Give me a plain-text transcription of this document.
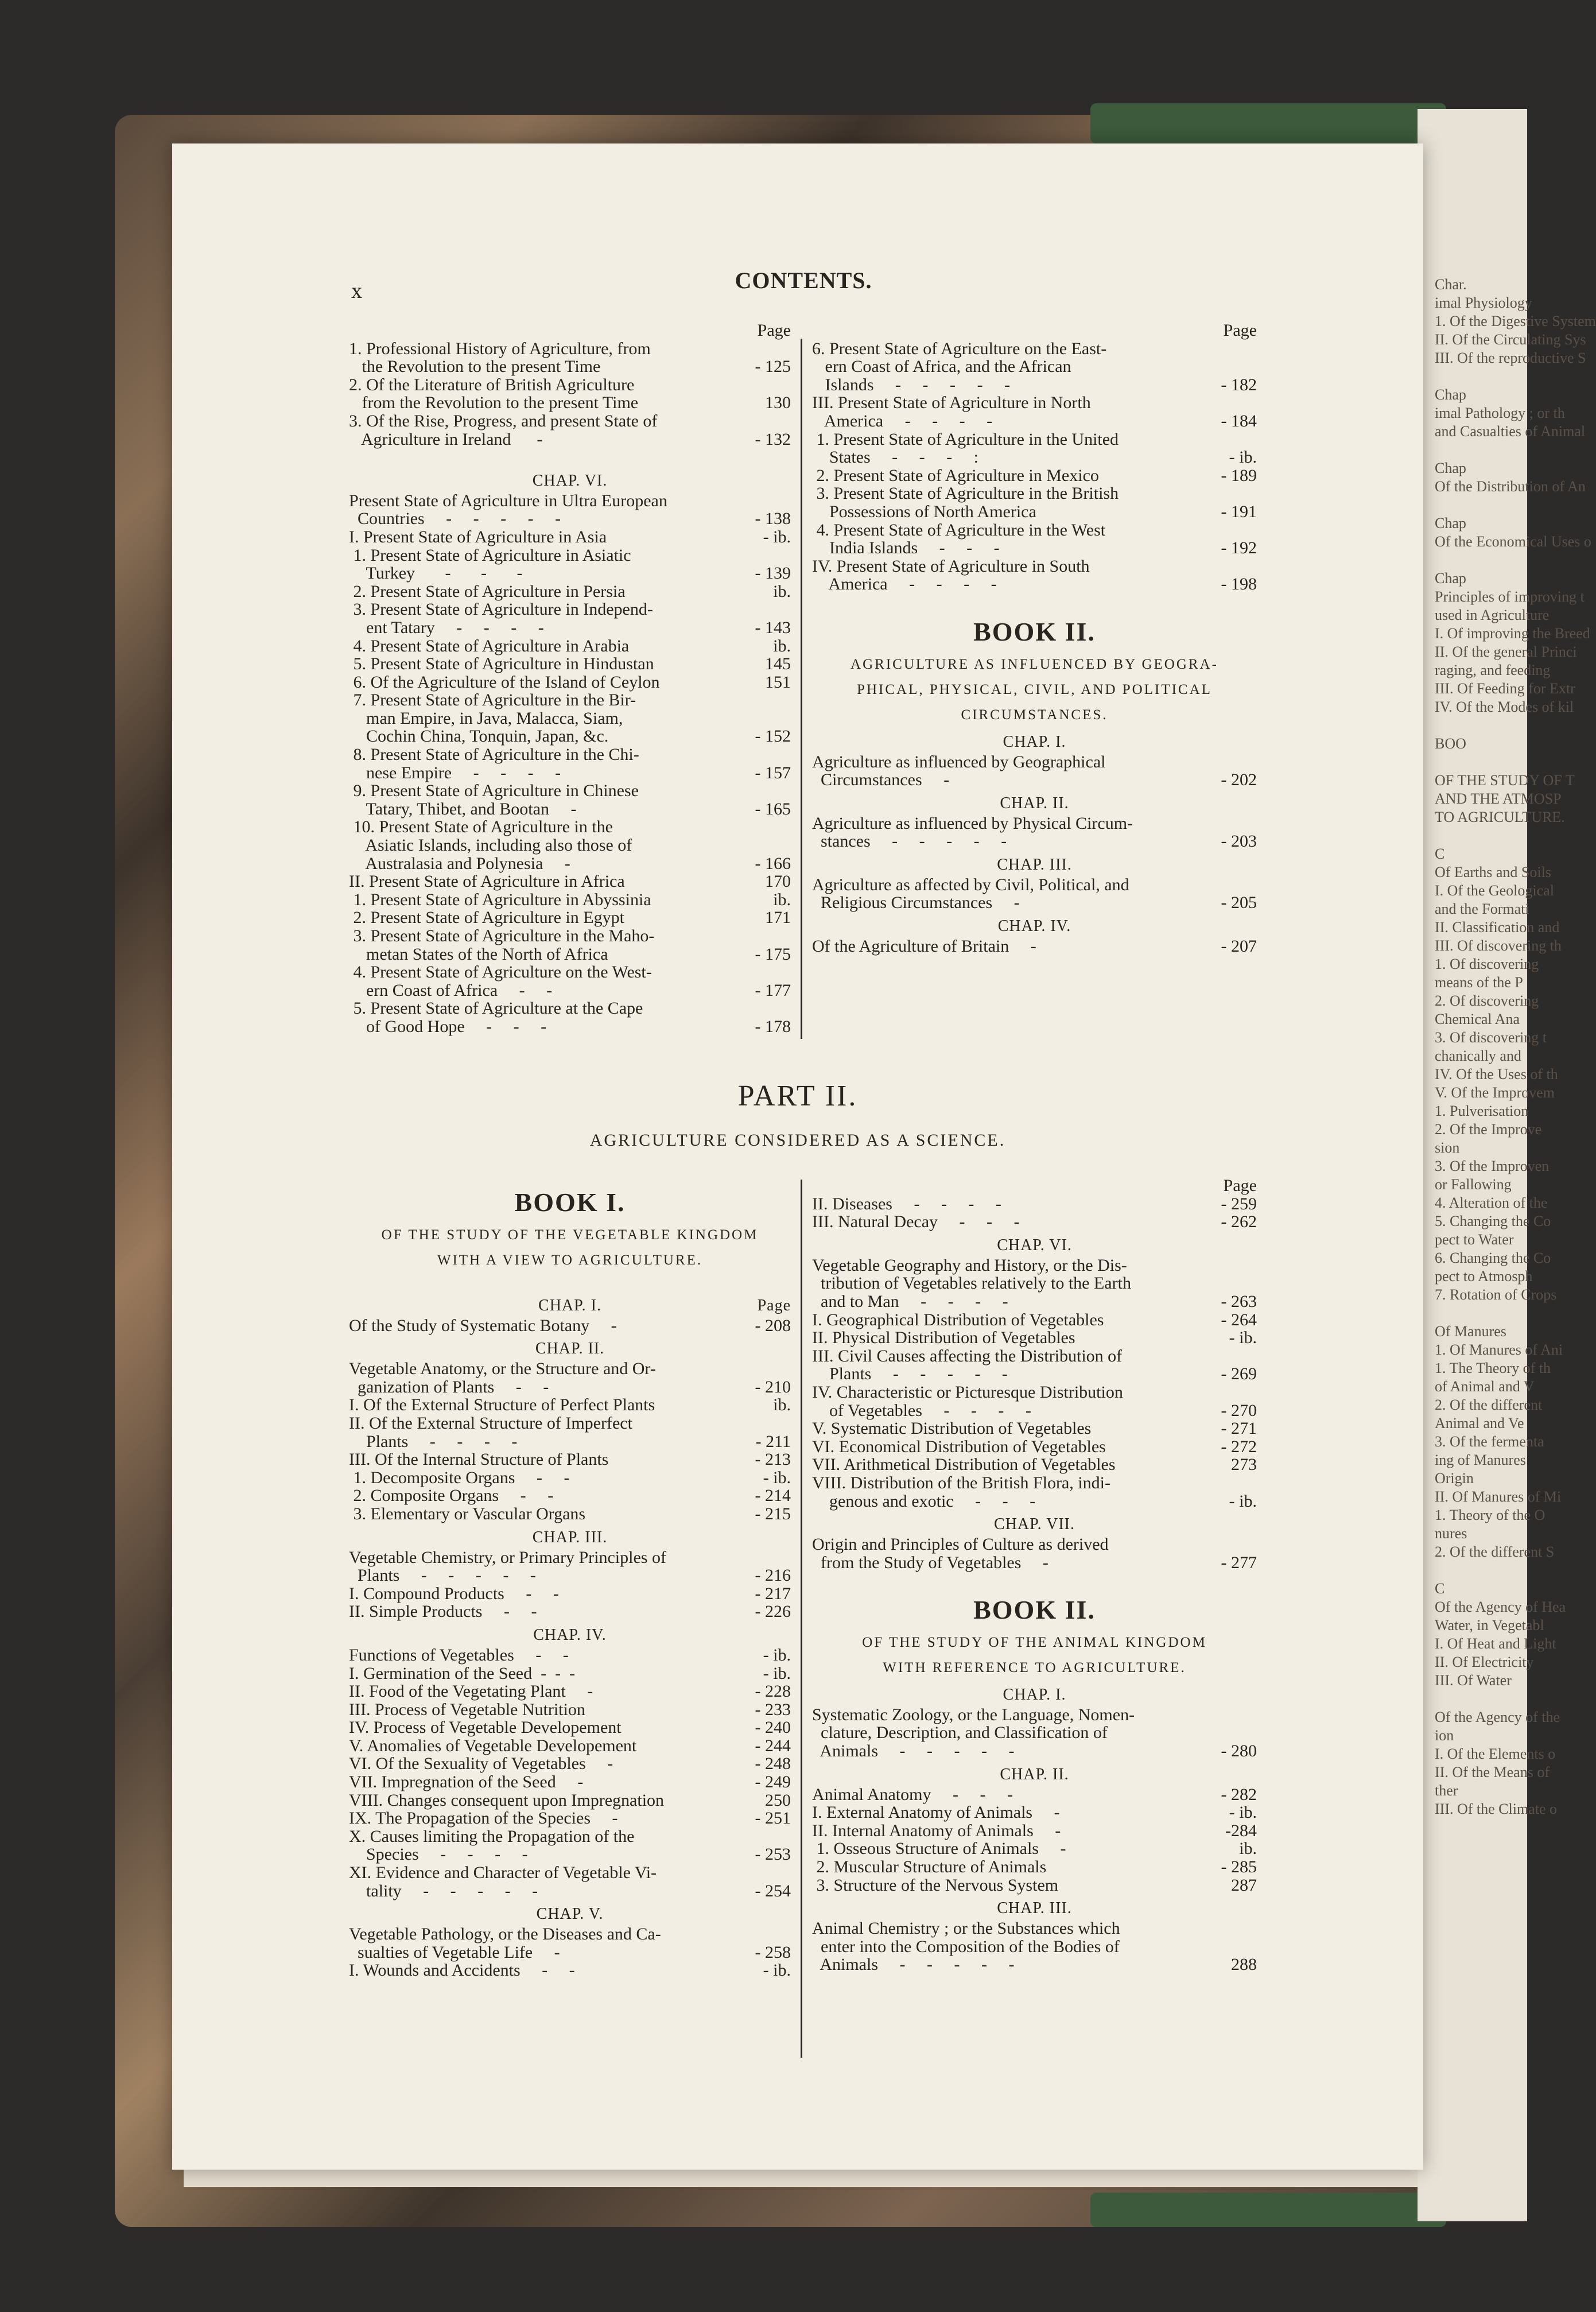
Char.
imal Physiology
1. Of the Digestive System
II. Of the Circulating Sys
III. Of the reproductive S

Chap
imal Pathology ; or th
and Casualties of Animal

Chap
Of the Distribution of An

Chap
Of the Economical Uses o

Chap
Principles of improving t
used in Agriculture
I. Of improving the Breed
II. Of the general Princi
raging, and feeding
III. Of Feeding for Extr
IV. Of the Modes of kil

BOO

OF THE STUDY OF T
AND THE ATMOSP
TO AGRICULTURE.

C
Of Earths and Soils
I. Of the Geological
and the Formati
II. Classification and
III. Of discovering th
1. Of discovering
means of the P
2. Of discovering
Chemical Ana
3. Of discovering t
chanically and
IV. Of the Uses of th
V. Of the Improvem
1. Pulverisation
2. Of the Improve
sion
3. Of the Improven
or Fallowing
4. Alteration of the
5. Changing the Co
pect to Water
6. Changing the Co
pect to Atmosph
7. Rotation of Crops

Of Manures
1. Of Manures of Ani
1. The Theory of th
of Animal and V
2. Of the different
Animal and Ve
3. Of the fermenta
ing of Manures
Origin
II. Of Manures of Mi
1. Theory of the O
nures
2. Of the different S

C
Of the Agency of Hea
Water, in Vegetabl
I. Of Heat and Light
II. Of Electricity
III. Of Water

Of the Agency of the
ion
I. Of the Elements o
II. Of the Means of
ther
III. Of the Climate o
x	CONTENTS.
Page
1. Professional History of Agriculture, from
the Revolution to the present Time	- 125
2. Of the Literature of British Agriculture
from the Revolution to the present Time	130
3. Of the Rise, Progress, and present State of
Agriculture in Ireland      -	- 132
CHAP. VI.
Present State of Agriculture in Ultra European
Countries     -     -     -     -     -	- 138
I. Present State of Agriculture in Asia	- ib.
1. Present State of Agriculture in Asiatic
Turkey       -       -       -	- 139
2. Present State of Agriculture in Persia	ib.
3. Present State of Agriculture in Independ-
ent Tatary     -     -     -     -	- 143
4. Present State of Agriculture in Arabia	ib.
5. Present State of Agriculture in Hindustan	145
6. Of the Agriculture of the Island of Ceylon	151
7. Present State of Agriculture in the Bir-
man Empire, in Java, Malacca, Siam,
Cochin China, Tonquin, Japan, &c.	- 152
8. Present State of Agriculture in the Chi-
nese Empire     -     -     -     -	- 157
9. Present State of Agriculture in Chinese
Tatary, Thibet, and Bootan     -	- 165
10. Present State of Agriculture in the
Asiatic Islands, including also those of
Australasia and Polynesia     -	- 166
II. Present State of Agriculture in Africa	170
1. Present State of Agriculture in Abyssinia	ib.
2. Present State of Agriculture in Egypt	171
3. Present State of Agriculture in the Maho-
metan States of the North of Africa	- 175
4. Present State of Agriculture on the West-
ern Coast of Africa     -     -	- 177
5. Present State of Agriculture at the Cape
of Good Hope     -     -     -	- 178
Page
6. Present State of Agriculture on the East-
ern Coast of Africa, and the African
Islands     -     -     -     -     -	- 182
III. Present State of Agriculture in North
America     -     -     -     -	- 184
1. Present State of Agriculture in the United
States     -     -     -     :	- ib.
2. Present State of Agriculture in Mexico	- 189
3. Present State of Agriculture in the British
Possessions of North America	- 191
4. Present State of Agriculture in the West
India Islands     -     -     -	- 192
IV. Present State of Agriculture in South
America     -     -     -     -	- 198
BOOK II.
AGRICULTURE AS INFLUENCED BY GEOGRA-
PHICAL, PHYSICAL, CIVIL, AND POLITICAL
CIRCUMSTANCES.
CHAP. I.
Agriculture as influenced by Geographical
Circumstances     -	- 202
CHAP. II.
Agriculture as influenced by Physical Circum-
stances     -     -     -     -     -	- 203
CHAP. III.
Agriculture as affected by Civil, Political, and
Religious Circumstances     -	- 205
CHAP. IV.
Of the Agriculture of Britain     -	- 207
PART II.
AGRICULTURE CONSIDERED AS A SCIENCE.
BOOK I.
OF THE STUDY OF THE VEGETABLE KINGDOM
WITH A VIEW TO AGRICULTURE.
CHAP. I.	Page
Of the Study of Systematic Botany     -	- 208
CHAP. II.
Vegetable Anatomy, or the Structure and Or-
ganization of Plants     -     -	- 210
I. Of the External Structure of Perfect Plants	ib.
II. Of the External Structure of Imperfect
Plants     -     -     -     -	- 211
III. Of the Internal Structure of Plants	- 213
1. Decomposite Organs     -     -	- ib.
2. Composite Organs     -     -	- 214
3. Elementary or Vascular Organs	- 215
CHAP. III.
Vegetable Chemistry, or Primary Principles of
Plants     -     -     -     -     -	- 216
I. Compound Products     -     -	- 217
II. Simple Products     -     -	- 226
CHAP. IV.
Functions of Vegetables     -     -	- ib.
I. Germination of the Seed  -  -  -	- ib.
II. Food of the Vegetating Plant     -	- 228
III. Process of Vegetable Nutrition	- 233
IV. Process of Vegetable Developement	- 240
V. Anomalies of Vegetable Developement	- 244
VI. Of the Sexuality of Vegetables     -	- 248
VII. Impregnation of the Seed     -	- 249
VIII. Changes consequent upon Impregnation	250
IX. The Propagation of the Species     -	- 251
X. Causes limiting the Propagation of the
Species     -     -     -     -	- 253
XI. Evidence and Character of Vegetable Vi-
tality     -     -     -     -     -	- 254
CHAP. V.
Vegetable Pathology, or the Diseases and Ca-
sualties of Vegetable Life     -	- 258
I. Wounds and Accidents     -     -	- ib.
Page
II. Diseases     -     -     -     -	- 259
III. Natural Decay     -     -     -	- 262
CHAP. VI.
Vegetable Geography and History, or the Dis-
tribution of Vegetables relatively to the Earth
and to Man     -     -     -     -	- 263
I. Geographical Distribution of Vegetables	- 264
II. Physical Distribution of Vegetables	- ib.
III. Civil Causes affecting the Distribution of
Plants     -     -     -     -     -	- 269
IV. Characteristic or Picturesque Distribution
of Vegetables     -     -     -     -	- 270
V. Systematic Distribution of Vegetables	- 271
VI. Economical Distribution of Vegetables	- 272
VII. Arithmetical Distribution of Vegetables	273
VIII. Distribution of the British Flora, indi-
genous and exotic     -     -     -	- ib.
CHAP. VII.
Origin and Principles of Culture as derived
from the Study of Vegetables     -	- 277
BOOK II.
OF THE STUDY OF THE ANIMAL KINGDOM
WITH REFERENCE TO AGRICULTURE.
CHAP. I.
Systematic Zoology, or the Language, Nomen-
clature, Description, and Classification of
Animals     -     -     -     -     -	- 280
CHAP. II.
Animal Anatomy     -     -     -	- 282
I. External Anatomy of Animals     -	- ib.
II. Internal Anatomy of Animals     -	-284
1. Osseous Structure of Animals     -	ib.
2. Muscular Structure of Animals	- 285
3. Structure of the Nervous System	287
CHAP. III.
Animal Chemistry ; or the Substances which
enter into the Composition of the Bodies of
Animals     -     -     -     -     -	288
